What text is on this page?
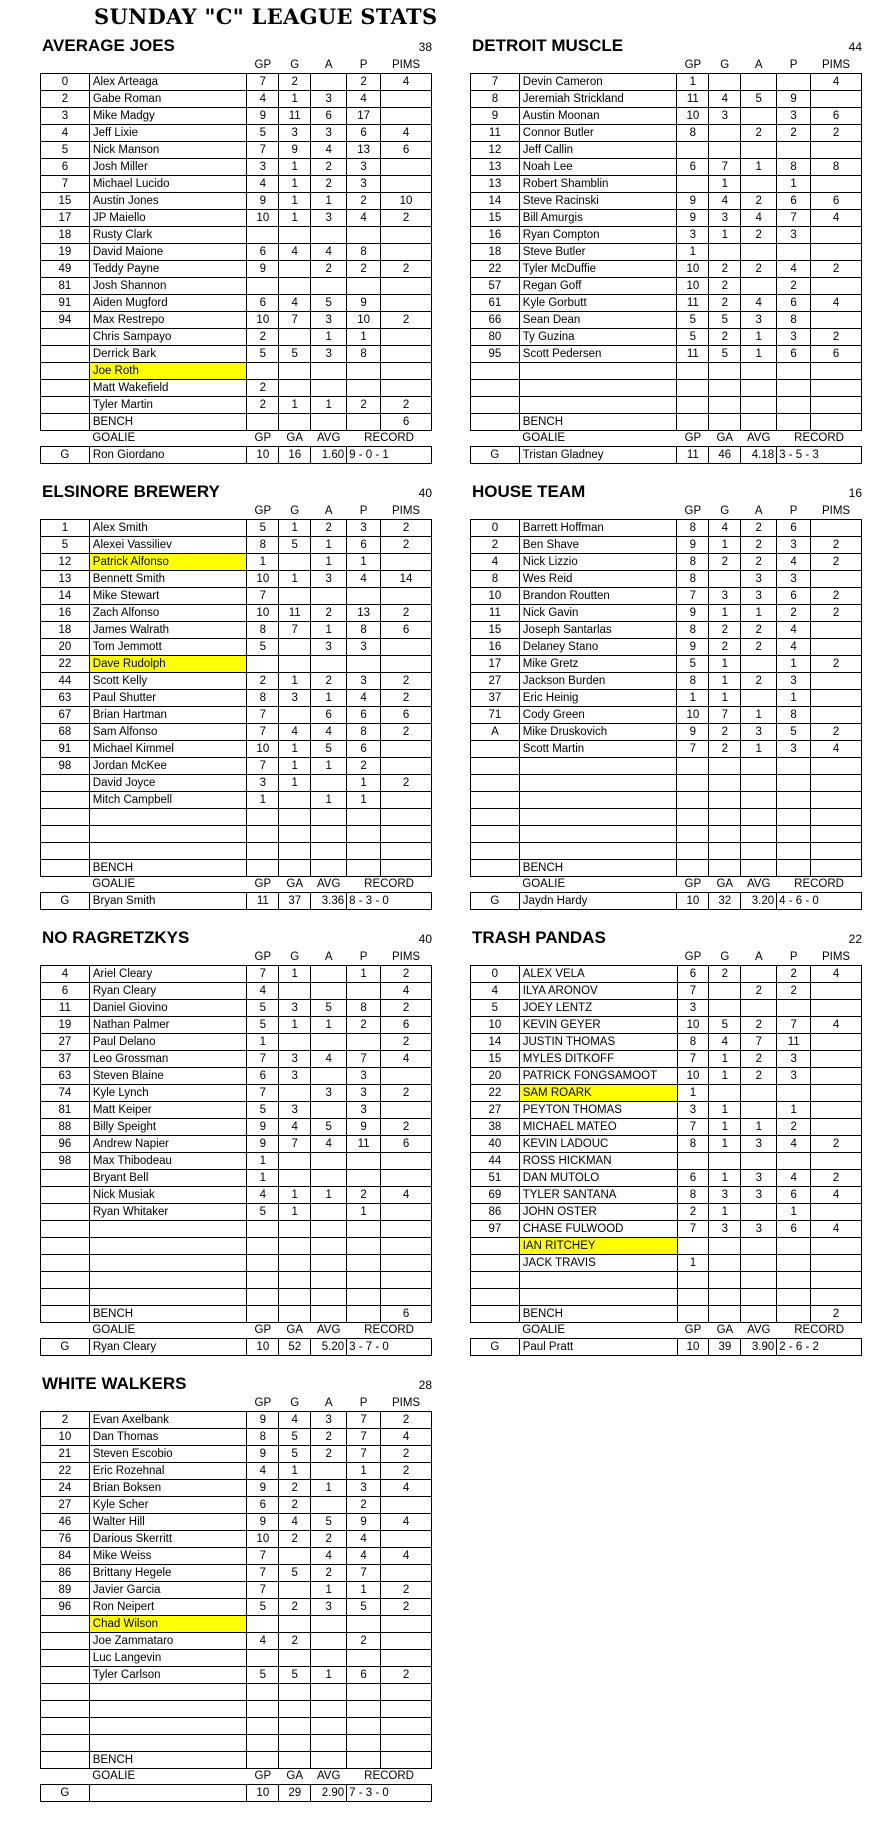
SUNDAY "C" LEAGUE STATS
AVERAGE JOES	38
		GP	G	A	P	PIMS
0	Alex Arteaga	7	2		2	4
2	Gabe Roman	4	1	3	4	
3	Mike Madgy	9	11	6	17	
4	Jeff Lixie	5	3	3	6	4
5	Nick Manson	7	9	4	13	6
6	Josh Miller	3	1	2	3	
7	Michael Lucido	4	1	2	3	
15	Austin Jones	9	1	1	2	10
17	JP Maiello	10	1	3	4	2
18	Rusty Clark					
19	David Maione	6	4	4	8	
49	Teddy Payne	9		2	2	2
81	Josh Shannon					
91	Aiden Mugford	6	4	5	9	
94	Max Restrepo	10	7	3	10	2
	Chris Sampayo	2		1	1	
	Derrick Bark	5	5	3	8	
	Joe Roth					
	Matt Wakefield	2				
	Tyler Martin	2	1	1	2	2
	BENCH					6
	GOALIE	GP	GA	AVG	RECORD	
G	Ron Giordano	10	16	1.60	9 - 0 - 1	
DETROIT MUSCLE	44
		GP	G	A	P	PIMS
7	Devin Cameron	1				4
8	Jeremiah Strickland	11	4	5	9	
9	Austin Moonan	10	3		3	6
11	Connor Butler	8		2	2	2
12	Jeff Callin					
13	Noah Lee	6	7	1	8	8
13	Robert Shamblin		1		1	
14	Steve Racinski	9	4	2	6	6
15	Bill Amurgis	9	3	4	7	4
16	Ryan Compton	3	1	2	3	
18	Steve Butler	1				
22	Tyler McDuffie	10	2	2	4	2
57	Regan Goff	10	2		2	
61	Kyle Gorbutt	11	2	4	6	4
66	Sean Dean	5	5	3	8	
80	Ty Guzina	5	2	1	3	2
95	Scott Pedersen	11	5	1	6	6

	BENCH					
	GOALIE	GP	GA	AVG	RECORD	
G	Tristan Gladney	11	46	4.18	3 - 5 - 3	
ELSINORE BREWERY	40
		GP	G	A	P	PIMS
1	Alex Smith	5	1	2	3	2
5	Alexei Vassiliev	8	5	1	6	2
12	Patrick Alfonso	1		1	1	
13	Bennett Smith	10	1	3	4	14
14	Mike Stewart	7				
16	Zach Alfonso	10	11	2	13	2
18	James Walrath	8	7	1	8	6
20	Tom Jemmott	5		3	3	
22	Dave Rudolph					
44	Scott Kelly	2	1	2	3	2
63	Paul Shutter	8	3	1	4	2
67	Brian Hartman	7		6	6	6
68	Sam Alfonso	7	4	4	8	2
91	Michael Kimmel	10	1	5	6	
98	Jordan McKee	7	1	1	2	
	David Joyce	3	1		1	2
	Mitch Campbell	1		1	1	

	BENCH					
	GOALIE	GP	GA	AVG	RECORD	
G	Bryan Smith	11	37	3.36	8 - 3 - 0	
HOUSE TEAM	16
		GP	G	A	P	PIMS
0	Barrett Hoffman	8	4	2	6	
2	Ben Shave	9	1	2	3	2
4	Nick Lizzio	8	2	2	4	2
8	Wes Reid	8		3	3	
10	Brandon Routten	7	3	3	6	2
11	Nick Gavin	9	1	1	2	2
15	Joseph Santarlas	8	2	2	4	
16	Delaney Stano	9	2	2	4	
17	Mike Gretz	5	1		1	2
27	Jackson Burden	8	1	2	3	
37	Eric Heinig	1	1		1	
71	Cody Green	10	7	1	8	
A	Mike Druskovich	9	2	3	5	2
	Scott Martin	7	2	1	3	4

	BENCH					
	GOALIE	GP	GA	AVG	RECORD	
G	Jaydn Hardy	10	32	3.20	4 - 6 - 0	
NO RAGRETZKYS	40
		GP	G	A	P	PIMS
4	Ariel Cleary	7	1		1	2
6	Ryan Cleary	4				4
11	Daniel Giovino	5	3	5	8	2
19	Nathan Palmer	5	1	1	2	6
27	Paul Delano	1				2
37	Leo Grossman	7	3	4	7	4
63	Steven Blaine	6	3		3	
74	Kyle Lynch	7		3	3	2
81	Matt Keiper	5	3		3	
88	Billy Speight	9	4	5	9	2
96	Andrew Napier	9	7	4	11	6
98	Max Thibodeau	1				
	Bryant Bell	1				
	Nick Musiak	4	1	1	2	4
	Ryan Whitaker	5	1		1	

	BENCH					6
	GOALIE	GP	GA	AVG	RECORD	
G	Ryan Cleary	10	52	5.20	3 - 7 - 0	
TRASH PANDAS	22
		GP	G	A	P	PIMS
0	ALEX VELA	6	2		2	4
4	ILYA ARONOV	7		2	2	
5	JOEY LENTZ	3				
10	KEVIN GEYER	10	5	2	7	4
14	JUSTIN THOMAS	8	4	7	11	
15	MYLES DITKOFF	7	1	2	3	
20	PATRICK FONGSAMOOT	10	1	2	3	
22	SAM ROARK	1				
27	PEYTON THOMAS	3	1		1	
38	MICHAEL MATEO	7	1	1	2	
40	KEVIN LADOUC	8	1	3	4	2
44	ROSS HICKMAN					
51	DAN MUTOLO	6	1	3	4	2
69	TYLER SANTANA	8	3	3	6	4
86	JOHN OSTER	2	1		1	
97	CHASE FULWOOD	7	3	3	6	4
	IAN RITCHEY					
	JACK TRAVIS	1				

	BENCH					2
	GOALIE	GP	GA	AVG	RECORD	
G	Paul Pratt	10	39	3.90	2 - 6 - 2	
WHITE WALKERS	28
		GP	G	A	P	PIMS
2	Evan Axelbank	9	4	3	7	2
10	Dan Thomas	8	5	2	7	4
21	Steven Escobio	9	5	2	7	2
22	Eric Rozehnal	4	1		1	2
24	Brian Boksen	9	2	1	3	4
27	Kyle Scher	6	2		2	
46	Walter Hill	9	4	5	9	4
76	Darious Skerritt	10	2	2	4	
84	Mike Weiss	7		4	4	4
86	Brittany Hegele	7	5	2	7	
89	Javier Garcia	7		1	1	2
96	Ron Neipert	5	2	3	5	2
	Chad Wilson					
	Joe Zammataro	4	2		2	
	Luc Langevin					
	Tyler Carlson	5	5	1	6	2

	BENCH					
	GOALIE	GP	GA	AVG	RECORD	
G		10	29	2.90	7 - 3 - 0	
